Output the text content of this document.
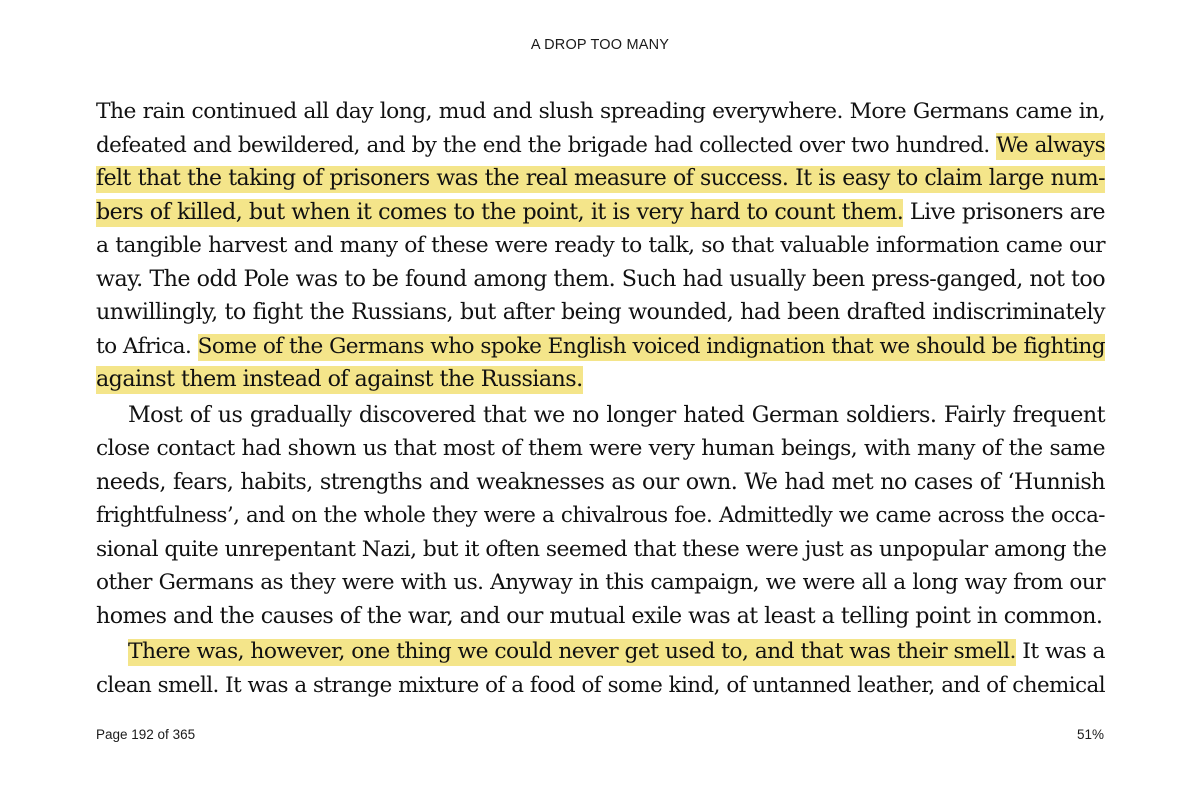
A DROP TOO MANY
The rain continued all day long, mud and slush spreading everywhere. More Germans came in,
defeated and bewildered, and by the end the brigade had collected over two hundred. We always
felt that the taking of prisoners was the real measure of success. It is easy to claim large num-
bers of killed, but when it comes to the point, it is very hard to count them. Live prisoners are
a tangible harvest and many of these were ready to talk, so that valuable information came our
way. The odd Pole was to be found among them. Such had usually been press-ganged, not too
unwillingly, to fight the Russians, but after being wounded, had been drafted indiscriminately
to Africa. Some of the Germans who spoke English voiced indignation that we should be fighting
against them instead of against the Russians.
Most of us gradually discovered that we no longer hated German soldiers. Fairly frequent
close contact had shown us that most of them were very human beings, with many of the same
needs, fears, habits, strengths and weaknesses as our own. We had met no cases of ‘Hunnish
frightfulness’, and on the whole they were a chivalrous foe. Admittedly we came across the occa-
sional quite unrepentant Nazi, but it often seemed that these were just as unpopular among the
other Germans as they were with us. Anyway in this campaign, we were all a long way from our
homes and the causes of the war, and our mutual exile was at least a telling point in common.
There was, however, one thing we could never get used to, and that was their smell. It was a
clean smell. It was a strange mixture of a food of some kind, of untanned leather, and of chemical
Page 192 of 365	51%
